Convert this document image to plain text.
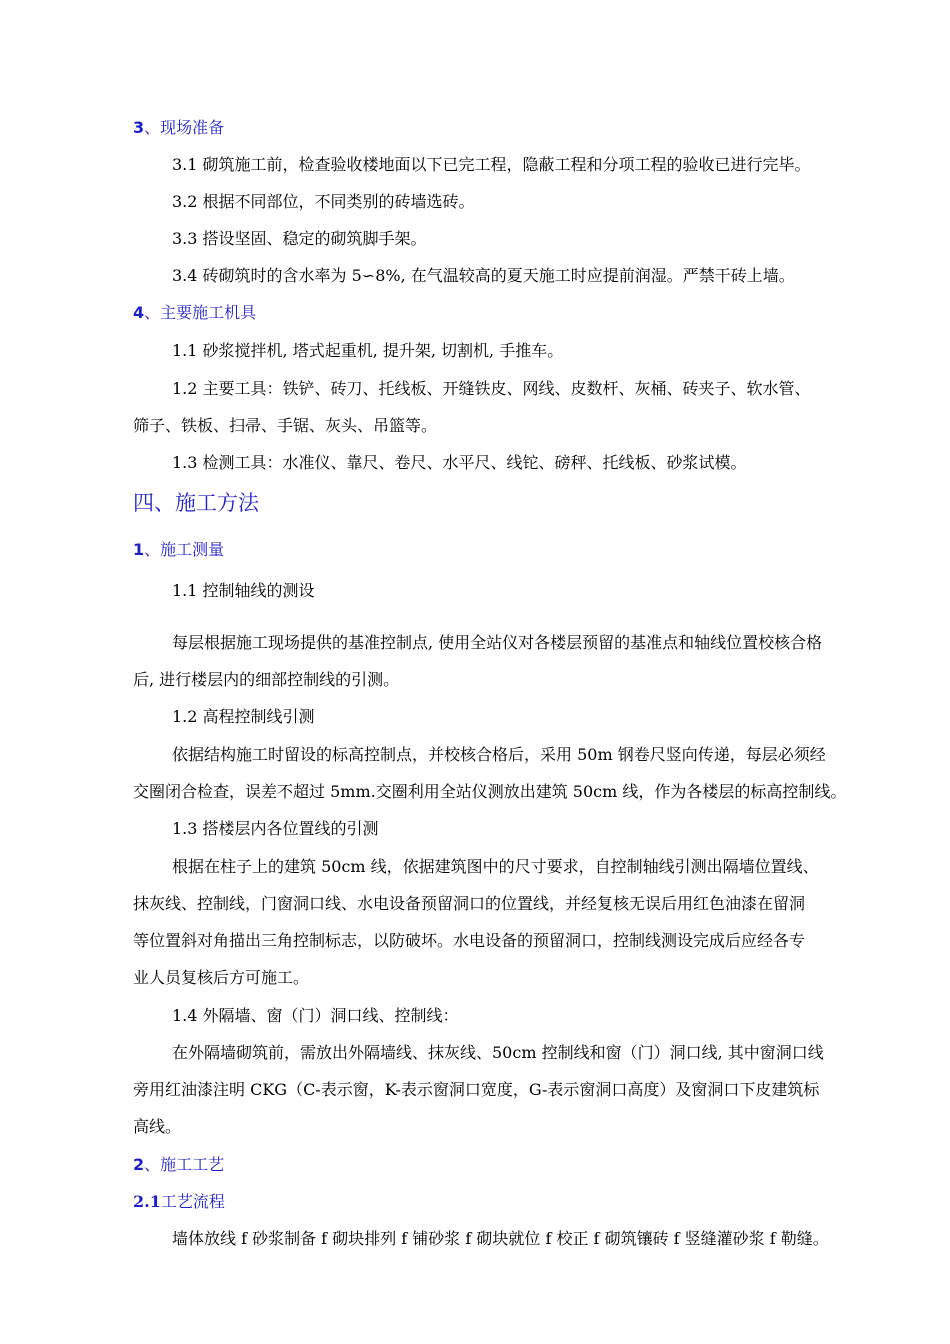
3、现场准备
3.1 砌筑施工前，检查验收楼地面以下已完工程，隐蔽工程和分项工程的验收已进行完毕。
3.2 根据不同部位，不同类别的砖墙选砖。
3.3 搭设坚固、稳定的砌筑脚手架。
3.4 砖砌筑时的含水率为 5∽8%, 在气温较高的夏天施工时应提前润湿。严禁干砖上墙。
4、主要施工机具
1.1 砂浆搅拌机, 塔式起重机, 提升架, 切割机, 手推车。
1.2 主要工具：铁铲、砖刀、托线板、开缝铁皮、网线、皮数杆、灰桶、砖夹子、软水管、
筛子、铁板、扫帚、手锯、灰头、吊篮等。
1.3 检测工具：水准仪、靠尺、卷尺、水平尺、线铊、磅秤、托线板、砂浆试模。
四、施工方法
1、施工测量
1.1 控制轴线的测设
每层根据施工现场提供的基准控制点, 使用全站仪对各楼层预留的基准点和轴线位置校核合格
后, 进行楼层内的细部控制线的引测。
1.2 高程控制线引测
依据结构施工时留设的标高控制点，并校核合格后，采用 50m 钢卷尺竖向传递，每层必须经
交圈闭合检查，误差不超过 5mm.交圈利用全站仪测放出建筑 50cm 线，作为各楼层的标高控制线。
1.3 搭楼层内各位置线的引测
根据在柱子上的建筑 50cm 线，依据建筑图中的尺寸要求，自控制轴线引测出隔墙位置线、
抹灰线、控制线，门窗洞口线、水电设备预留洞口的位置线，并经复核无误后用红色油漆在留洞
等位置斜对角描出三角控制标志，以防破坏。水电设备的预留洞口，控制线测设完成后应经各专
业人员复核后方可施工。
1.4 外隔墙、窗（门）洞口线、控制线：
在外隔墙砌筑前，需放出外隔墙线、抹灰线、50cm 控制线和窗（门）洞口线, 其中窗洞口线
旁用红油漆注明 CKG（C-表示窗，K-表示窗洞口宽度，G-表示窗洞口高度）及窗洞口下皮建筑标
高线。
2、施工工艺
2.1工艺流程
墙体放线 f 砂浆制备 f 砌块排列 f 铺砂浆 f 砌块就位 f 校正 f 砌筑镶砖 f 竖缝灌砂浆 f 勒缝。
